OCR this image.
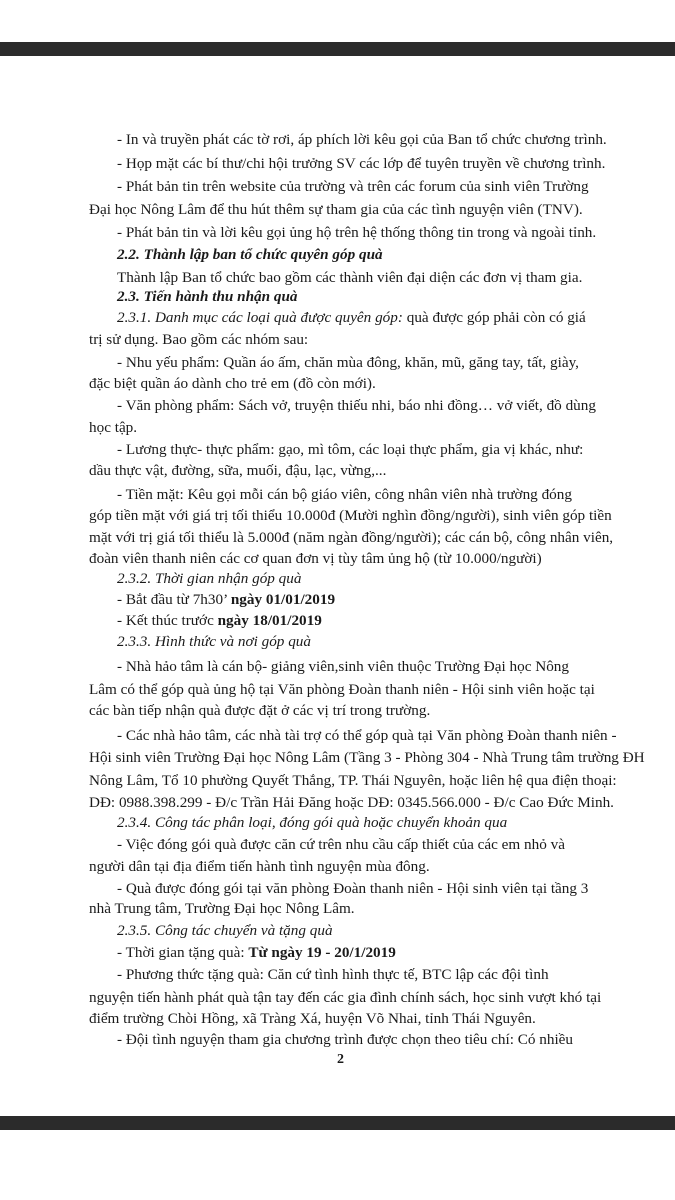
- In và truyền phát các tờ rơi, áp phích lời kêu gọi của Ban tổ chức chương trình.
- Họp mặt các bí thư/chi hội trưởng SV các lớp để tuyên truyền về chương trình.
- Phát bản tin trên website của trường và trên các forum của sinh viên Trường
Đại học Nông Lâm để thu hút thêm sự tham gia của các tình nguyện viên (TNV).
- Phát bản tin và lời kêu gọi ủng hộ trên hệ thống thông tin trong và ngoài tỉnh.
2.2. Thành lập ban tổ chức quyên góp quà
Thành lập Ban tổ chức bao gồm các thành viên đại diện các đơn vị tham gia.
2.3. Tiến hành thu nhận quà
2.3.1. Danh mục các loại quà được quyên góp: quà được góp phải còn có giá
trị sử dụng. Bao gồm các nhóm sau:
- Nhu yếu phẩm: Quần áo ấm, chăn mùa đông, khăn, mũ, găng tay, tất, giày,
đặc biệt quần áo dành cho trẻ em (đồ còn mới).
- Văn phòng phẩm: Sách vở, truyện thiếu nhi, báo nhi đồng… vở viết, đồ dùng
học tập.
- Lương thực- thực phẩm: gạo, mì tôm, các loại thực phẩm, gia vị khác, như:
dầu thực vật, đường, sữa, muối, đậu, lạc, vừng,...
- Tiền mặt: Kêu gọi mỗi cán bộ giáo viên, công nhân viên nhà trường đóng
góp tiền mặt với giá trị tối thiểu 10.000đ (Mười nghìn đồng/người), sinh viên góp tiền
mặt với trị giá tối thiểu là 5.000đ (năm ngàn đồng/người); các cán bộ, công nhân viên,
đoàn viên thanh niên các cơ quan đơn vị tùy tâm ủng hộ (từ 10.000/người)
2.3.2. Thời gian nhận góp quà
- Bắt đầu từ 7h30’ ngày 01/01/2019
- Kết thúc trước ngày 18/01/2019
2.3.3. Hình thức và nơi góp quà
- Nhà hảo tâm là cán bộ- giảng viên,sinh viên thuộc Trường Đại học Nông
Lâm có thể góp quà ủng hộ tại Văn phòng Đoàn thanh niên - Hội sinh viên hoặc tại
các bàn tiếp nhận quà được đặt ở các vị trí trong trường.
- Các nhà hảo tâm, các nhà tài trợ có thể góp quà tại Văn phòng Đoàn thanh niên -
Hội sinh viên Trường Đại học Nông Lâm (Tầng 3 - Phòng 304 - Nhà Trung tâm trường ĐH
Nông Lâm, Tổ 10 phường Quyết Thắng, TP. Thái Nguyên, hoặc liên hệ qua điện thoại:
DĐ: 0988.398.299 - Đ/c Trần Hải Đăng hoặc DĐ: 0345.566.000 - Đ/c Cao Đức Minh.
2.3.4. Công tác phân loại, đóng gói quà hoặc chuyển khoản qua
- Việc đóng gói quà được căn cứ trên nhu cầu cấp thiết của các em nhỏ và
người dân tại địa điểm tiến hành tình nguyện mùa đông.
- Quà được đóng gói tại văn phòng Đoàn thanh niên - Hội sinh viên tại tầng 3
nhà Trung tâm, Trường Đại học Nông Lâm.
2.3.5. Công tác chuyển và tặng quà
- Thời gian tặng quà: Từ ngày 19 - 20/1/2019
- Phương thức tặng quà: Căn cứ tình hình thực tế, BTC lập các đội tình
nguyện tiến hành phát quà tận tay đến các gia đình chính sách, học sinh vượt khó tại
điểm trường Chòi Hồng, xã Tràng Xá, huyện Võ Nhai, tỉnh Thái Nguyên.
- Đội tình nguyện tham gia chương trình được chọn theo tiêu chí: Có nhiều
2
